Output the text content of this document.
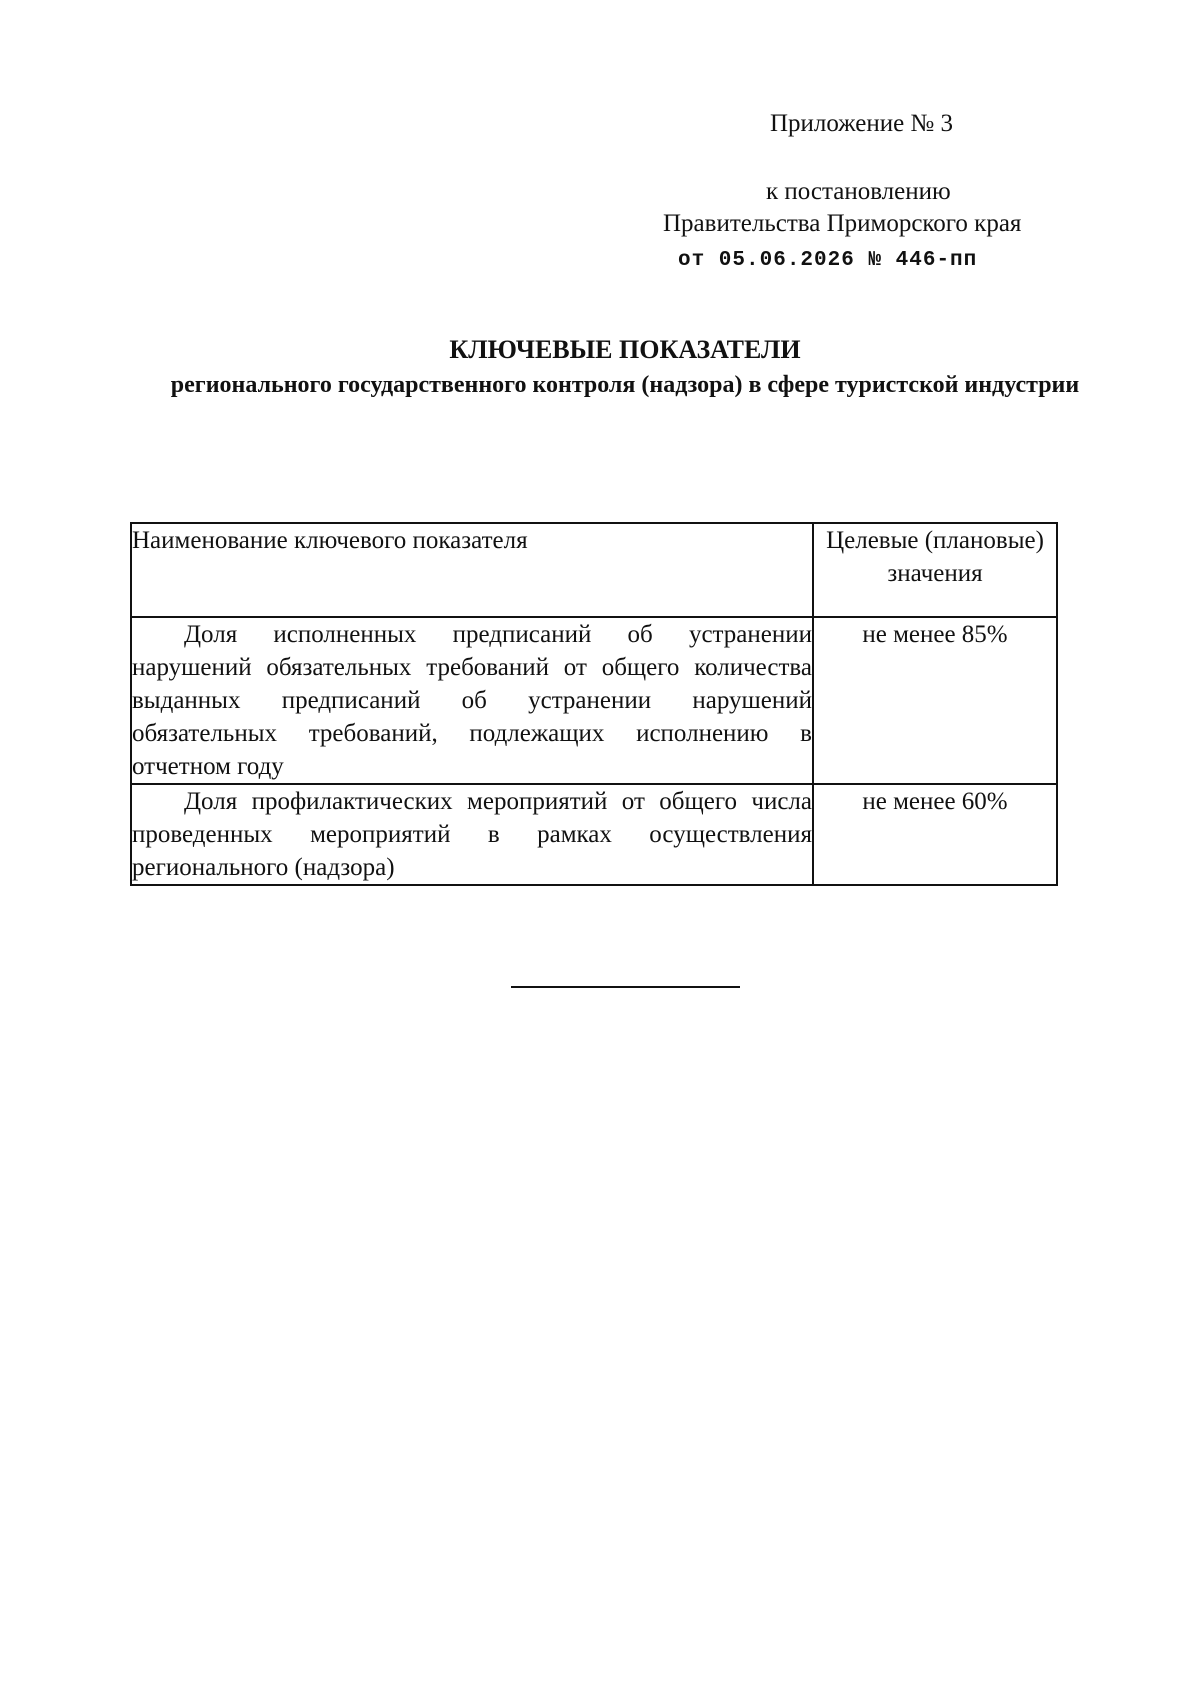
Приложение № 3
к постановлению
Правительства Приморского края
от 05.06.2026 № 446-пп
КЛЮЧЕВЫЕ ПОКАЗАТЕЛИ
регионального государственного контроля (надзора) в сфере туристской индустрии
Наименование ключевого показателя	Целевые (плановые) значения
Доля исполненных предписаний об устранении нарушений обязательных требований от общего количества выданных предписаний об устранении нарушений обязательных требований, подлежащих исполнению в отчетном году	не менее 85%
Доля профилактических мероприятий от общего числа проведенных мероприятий в рамках осуществления регионального (надзора)	не менее 60%
